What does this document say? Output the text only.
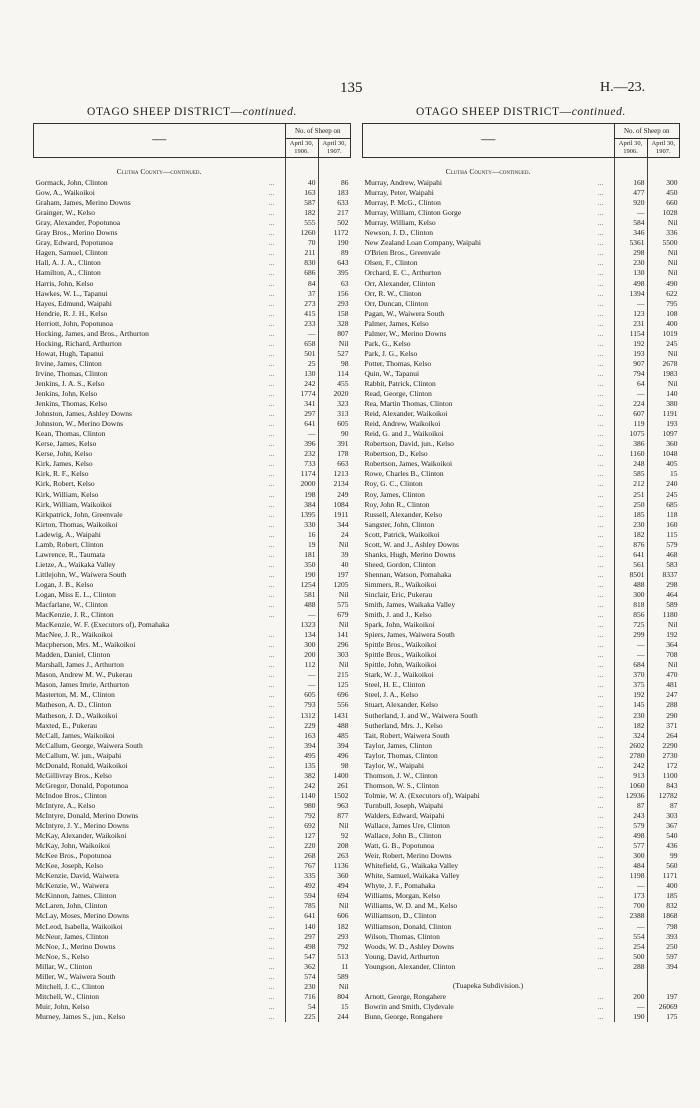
135	H.—23.
OTAGO SHEEP DISTRICT—continued.
—		No. of Sheep on	
		April 30, 1906.	April 30, 1907.

Clutha County—continued.			
Gormack, John, Clinton	...	40	86
Gow, A., Waikoikoi	...	163	183
Graham, James, Merino Downs	...	587	633
Grainger, W., Kelso	...	182	217
Gray, Alexander, Popotunoa	...	555	502
Gray Bros., Merino Downs	...	1260	1172
Gray, Edward, Popotunoa	...	70	190
Hagen, Samuel, Clinton	...	211	89
Hall, A. J. A., Clinton	...	830	643
Hamilton, A., Clinton	...	686	395
Harris, John, Kelso	...	84	63
Hawkes, W. L., Tapanui	...	37	156
Hayes, Edmund, Waipahi	...	273	293
Hendrie, R. J. H., Kelso	...	415	158
Herriott, John, Popotunoa	...	233	328
Hocking, James, and Bros., Arthurton	...	—	807
Hocking, Richard, Arthurton	...	658	Nil
Howat, Hugh, Tapanui	...	501	527
Irvine, James, Clinton	...	25	98
Irvine, Thomas, Clinton	...	130	114
Jenkins, J. A. S., Kelso	...	242	455
Jenkins, John, Kelso	...	1774	2020
Jenkins, Thomas, Kelso	...	341	323
Johnston, James, Ashley Downs	...	297	313
Johnston, W., Merino Downs	...	641	605
Kean, Thomas, Clinton	...	—	90
Kerse, James, Kelso	...	396	391
Kerse, John, Kelso	...	232	178
Kirk, James, Kelso	...	733	663
Kirk, R. F., Kelso	...	1174	1213
Kirk, Robert, Kelso	...	2000	2134
Kirk, William, Kelso	...	198	249
Kirk, William, Waikoikoi	...	384	1084
Kirkpatrick, John, Greenvale	...	1395	1911
Kirton, Thomas, Waikoikoi	...	330	344
Ladewig, A., Waipahi	...	16	24
Lamb, Robert, Clinton	...	19	Nil
Lawrence, R., Taumata	...	181	39
Lietze, A., Waikaka Valley	...	350	40
Littlejohn, W., Waiwera South	...	190	197
Logan, J. B., Kelso	...	1254	1205
Logan, Miss E. L., Clinton	...	581	Nil
Macfarlane, W., Clinton	...	488	575
MacKenzie, J. R., Clinton	...	—	679
MacKenzie, W. F. (Executors of), Pomahaka		1323	Nil
MacNee, J. R., Waikoikoi	...	134	141
Macpherson, Mrs. M., Waikoikoi	...	300	296
Madden, Daniel, Clinton	...	200	303
Marshall, James J., Arthurton	...	112	Nil
Mason, Andrew M. W., Pukerau	...	—	215
Mason, James Imrie, Arthurton	...	—	125
Masterton, M. M., Clinton	...	605	696
Matheson, A. D., Clinton	...	793	556
Matheson, J. D., Waikoikoi	...	1312	1431
Maxted, E., Pukerau	...	229	488
McCall, James, Waikoikoi	...	163	485
McCallum, George, Waiwera South	...	394	394
McCallum, W. jun., Waipahi	...	495	496
McDonald, Ronald, Waikoikoi	...	135	98
McGillivray Bros., Kelso	...	382	1400
McGregor, Donald, Popotunoa	...	242	261
McIndoe Bros., Clinton	...	1140	1502
McIntyre, A., Kelso	...	980	963
McIntyre, Donald, Merino Downs	...	792	877
McIntyre, J. Y., Merino Downs	...	692	Nil
McKay, Alexander, Waikoikoi	...	127	92
McKay, John, Waikoikoi	...	220	208
McKee Bros., Popotunoa	...	268	263
McKee, Joseph, Kelso	...	767	1136
McKenzie, David, Waiwera	...	335	360
McKenzie, W., Waiwera	...	492	494
McKinnon, James, Clinton	...	594	694
McLaren, John, Clinton	...	785	Nil
McLay, Moses, Merino Downs	...	641	606
McLeod, Isabella, Waikoikoi	...	140	182
McNeur, James, Clinton	...	297	293
McNoe, J., Merino Downs	...	498	792
McNoe, S., Kelso	...	547	513
Millar, W., Clinton	...	362	11
Miller, W., Waiwera South	...	574	589
Mitchell, J. C., Clinton	...	230	Nil
Mitchell, W., Clinton	...	716	804
Muir, John, Kelso	...	54	15
Murney, James S., jun., Kelso	...	225	244
OTAGO SHEEP DISTRICT—continued.
—		No. of Sheep on	
		April 30, 1906.	April 30, 1907.

Clutha County—continued.			
Murray, Andrew, Waipahi	...	168	300
Murray, Peter, Waipahi	...	477	450
Murray, P. McG., Clinton	...	920	660
Murray, William, Clinton Gorge	...	—	1028
Murray, William, Kelso	...	584	Nil
Newson, J. D., Clinton	...	346	336
New Zealand Loan Company, Waipahi	...	5361	5500
O'Brien Bros., Greenvale	...	298	Nil
Olsen, F., Clinton	...	230	Nil
Orchard, E. C., Arthurton	...	130	Nil
Orr, Alexander, Clinton	...	498	490
Orr, R. W., Clinton	...	1394	622
Orr, Duncan, Clinton	...	—	795
Pagan, W., Waiwera South	...	123	108
Palmer, James, Kelso	...	231	400
Palmer, W., Merino Downs	...	1154	1019
Park, G., Kelso	...	192	245
Park, J. G., Kelso	...	193	Nil
Potter, Thomas, Kelso	...	907	2678
Quin, W., Tapanui	...	794	1983
Rabbit, Patrick, Clinton	...	64	Nil
Read, George, Clinton	...	—	140
Rea, Martin Thomas, Clinton	...	224	380
Reid, Alexander, Waikoikoi	...	607	1191
Reid, Andrew, Waikoikoi	...	119	193
Reid, G. and J., Waikoikoi	...	1075	1097
Robertson, David, jun., Kelso	...	386	360
Robertson, D., Kelso	...	1160	1048
Robertson, James, Waikoikoi	...	248	405
Rowe, Charles B., Clinton	...	585	15
Roy, G. C., Clinton	...	212	240
Roy, James, Clinton	...	251	245
Roy, John R., Clinton	...	250	685
Russell, Alexander, Kelso	...	185	118
Sangster, John, Clinton	...	230	160
Scott, Patrick, Waikoikoi	...	182	115
Scott, W. and J., Ashley Downs	...	876	579
Shanks, Hugh, Merino Downs	...	641	468
Sheed, Gordon, Clinton	...	561	583
Shennan, Watson, Pomahaka	...	8501	8337
Simmers, R., Waikoikoi	...	488	298
Sinclair, Eric, Pukerau	...	300	464
Smith, James, Waikaka Valley	...	818	589
Smith, J. and J., Kelso	...	856	1180
Spark, John, Waikoikoi	...	725	Nil
Spiers, James, Waiwera South	...	299	192
Spittle Bros., Waikoikoi	...	—	364
Spittle Bros., Waikoikoi	...	—	708
Spittle, John, Waikoikoi	...	684	Nil
Stark, W. J., Waikoikoi	...	370	470
Steel, H. E., Clinton	...	375	481
Steel, J. A., Kelso	...	192	247
Stuart, Alexander, Kelso	...	145	288
Sutherland, J. and W., Waiwera South	...	230	290
Sutherland, Mrs. J., Kelso	...	182	371
Tait, Robert, Waiwera South	...	324	264
Taylor, James, Clinton	...	2602	2290
Taylor, Thomas, Clinton	...	2780	2730
Taylor, W., Waipahi	...	242	172
Thomson, J. W., Clinton	...	913	1100
Thomson, W. S., Clinton	...	1060	843
Tolmie, W. A. (Executors of), Waipahi	...	12936	12782
Turnbull, Joseph, Waipahi	...	87	87
Walders, Edward, Waipahi	...	243	303
Wallace, James Ure, Clinton	...	579	367
Wallace, John B., Clinton	...	498	540
Watt, G. B., Popotunoa	...	577	436
Weir, Robert, Merino Downs	...	300	99
Whitefield, G., Waikaka Valley	...	484	560
White, Samuel, Waikaka Valley	...	1198	1171
Whyte, J. F., Pomahaka	...	—	400
Williams, Morgan, Kelso	...	173	185
Williams, W. D. and M., Kelso	...	700	832
Williamson, D., Clinton	...	2388	1868
Williamson, Donald, Clinton	...	—	798
Wilson, Thomas, Clinton	...	554	393
Woods, W. D., Ashley Downs	...	254	250
Young, David, Arthurton	...	500	597
Youngson, Alexander, Clinton	...	288	394

(Tuapeka Subdivision.)			
Arnott, George, Rongahere	...	200	197
Bowrin and Smith, Clydevale	...	—	26069
Bunn, George, Rongahere	...	190	175
